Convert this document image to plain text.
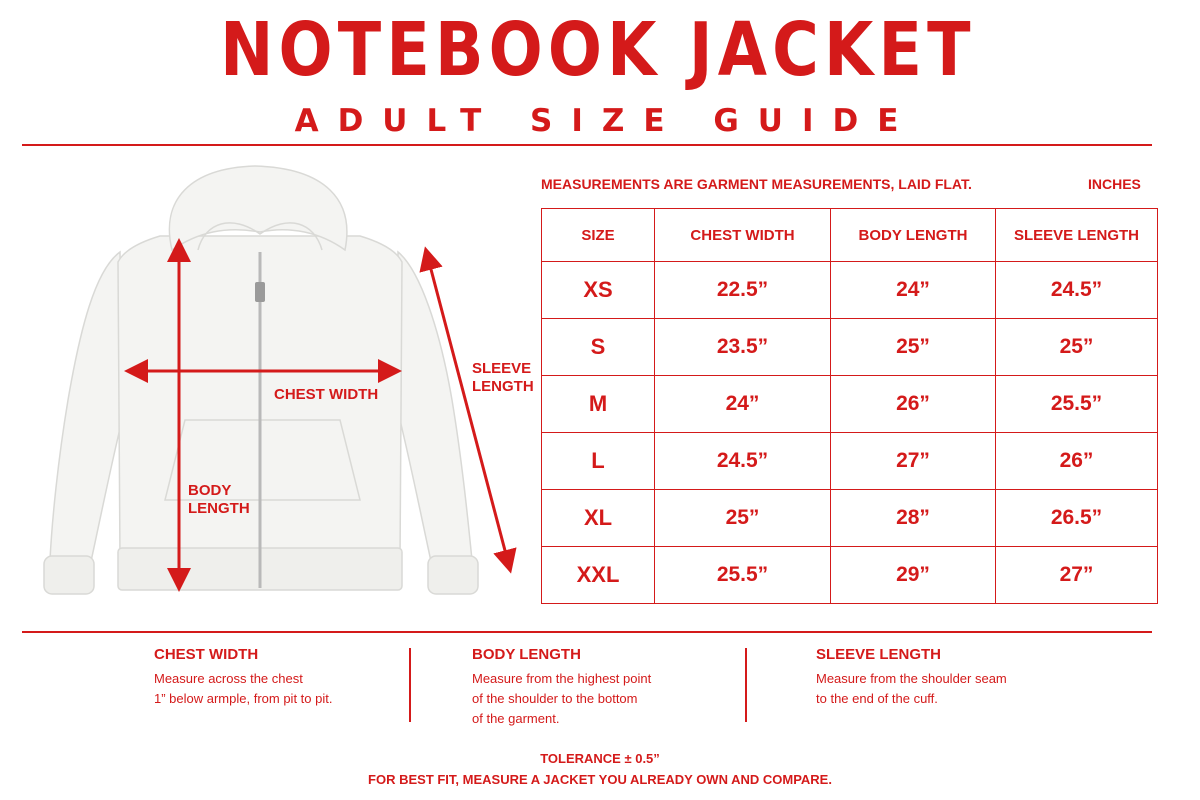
NOTEBOOK JACKET
ADULT SIZE GUIDE
CHEST WIDTH
BODY
LENGTH
SLEEVE
LENGTH
MEASUREMENTS ARE GARMENT MEASUREMENTS, LAID FLAT.	INCHES
SIZE	CHEST WIDTH	BODY LENGTH	SLEEVE LENGTH
XS	22.5”	24”	24.5”
S	23.5”	25”	25”
M	24”	26”	25.5”
L	24.5”	27”	26”
XL	25”	28”	26.5”
XXL	25.5”	29”	27”
CHEST WIDTH

Measure across the chest

1” below armple, from pit to pit.

BODY LENGTH

Measure from the highest point

of the shoulder to the bottom

of the garment.

SLEEVE LENGTH

Measure from the shoulder seam

to the end of the cuff.

TOLERANCE ± 0.5”
FOR BEST FIT, MEASURE A JACKET YOU ALREADY OWN AND COMPARE.
